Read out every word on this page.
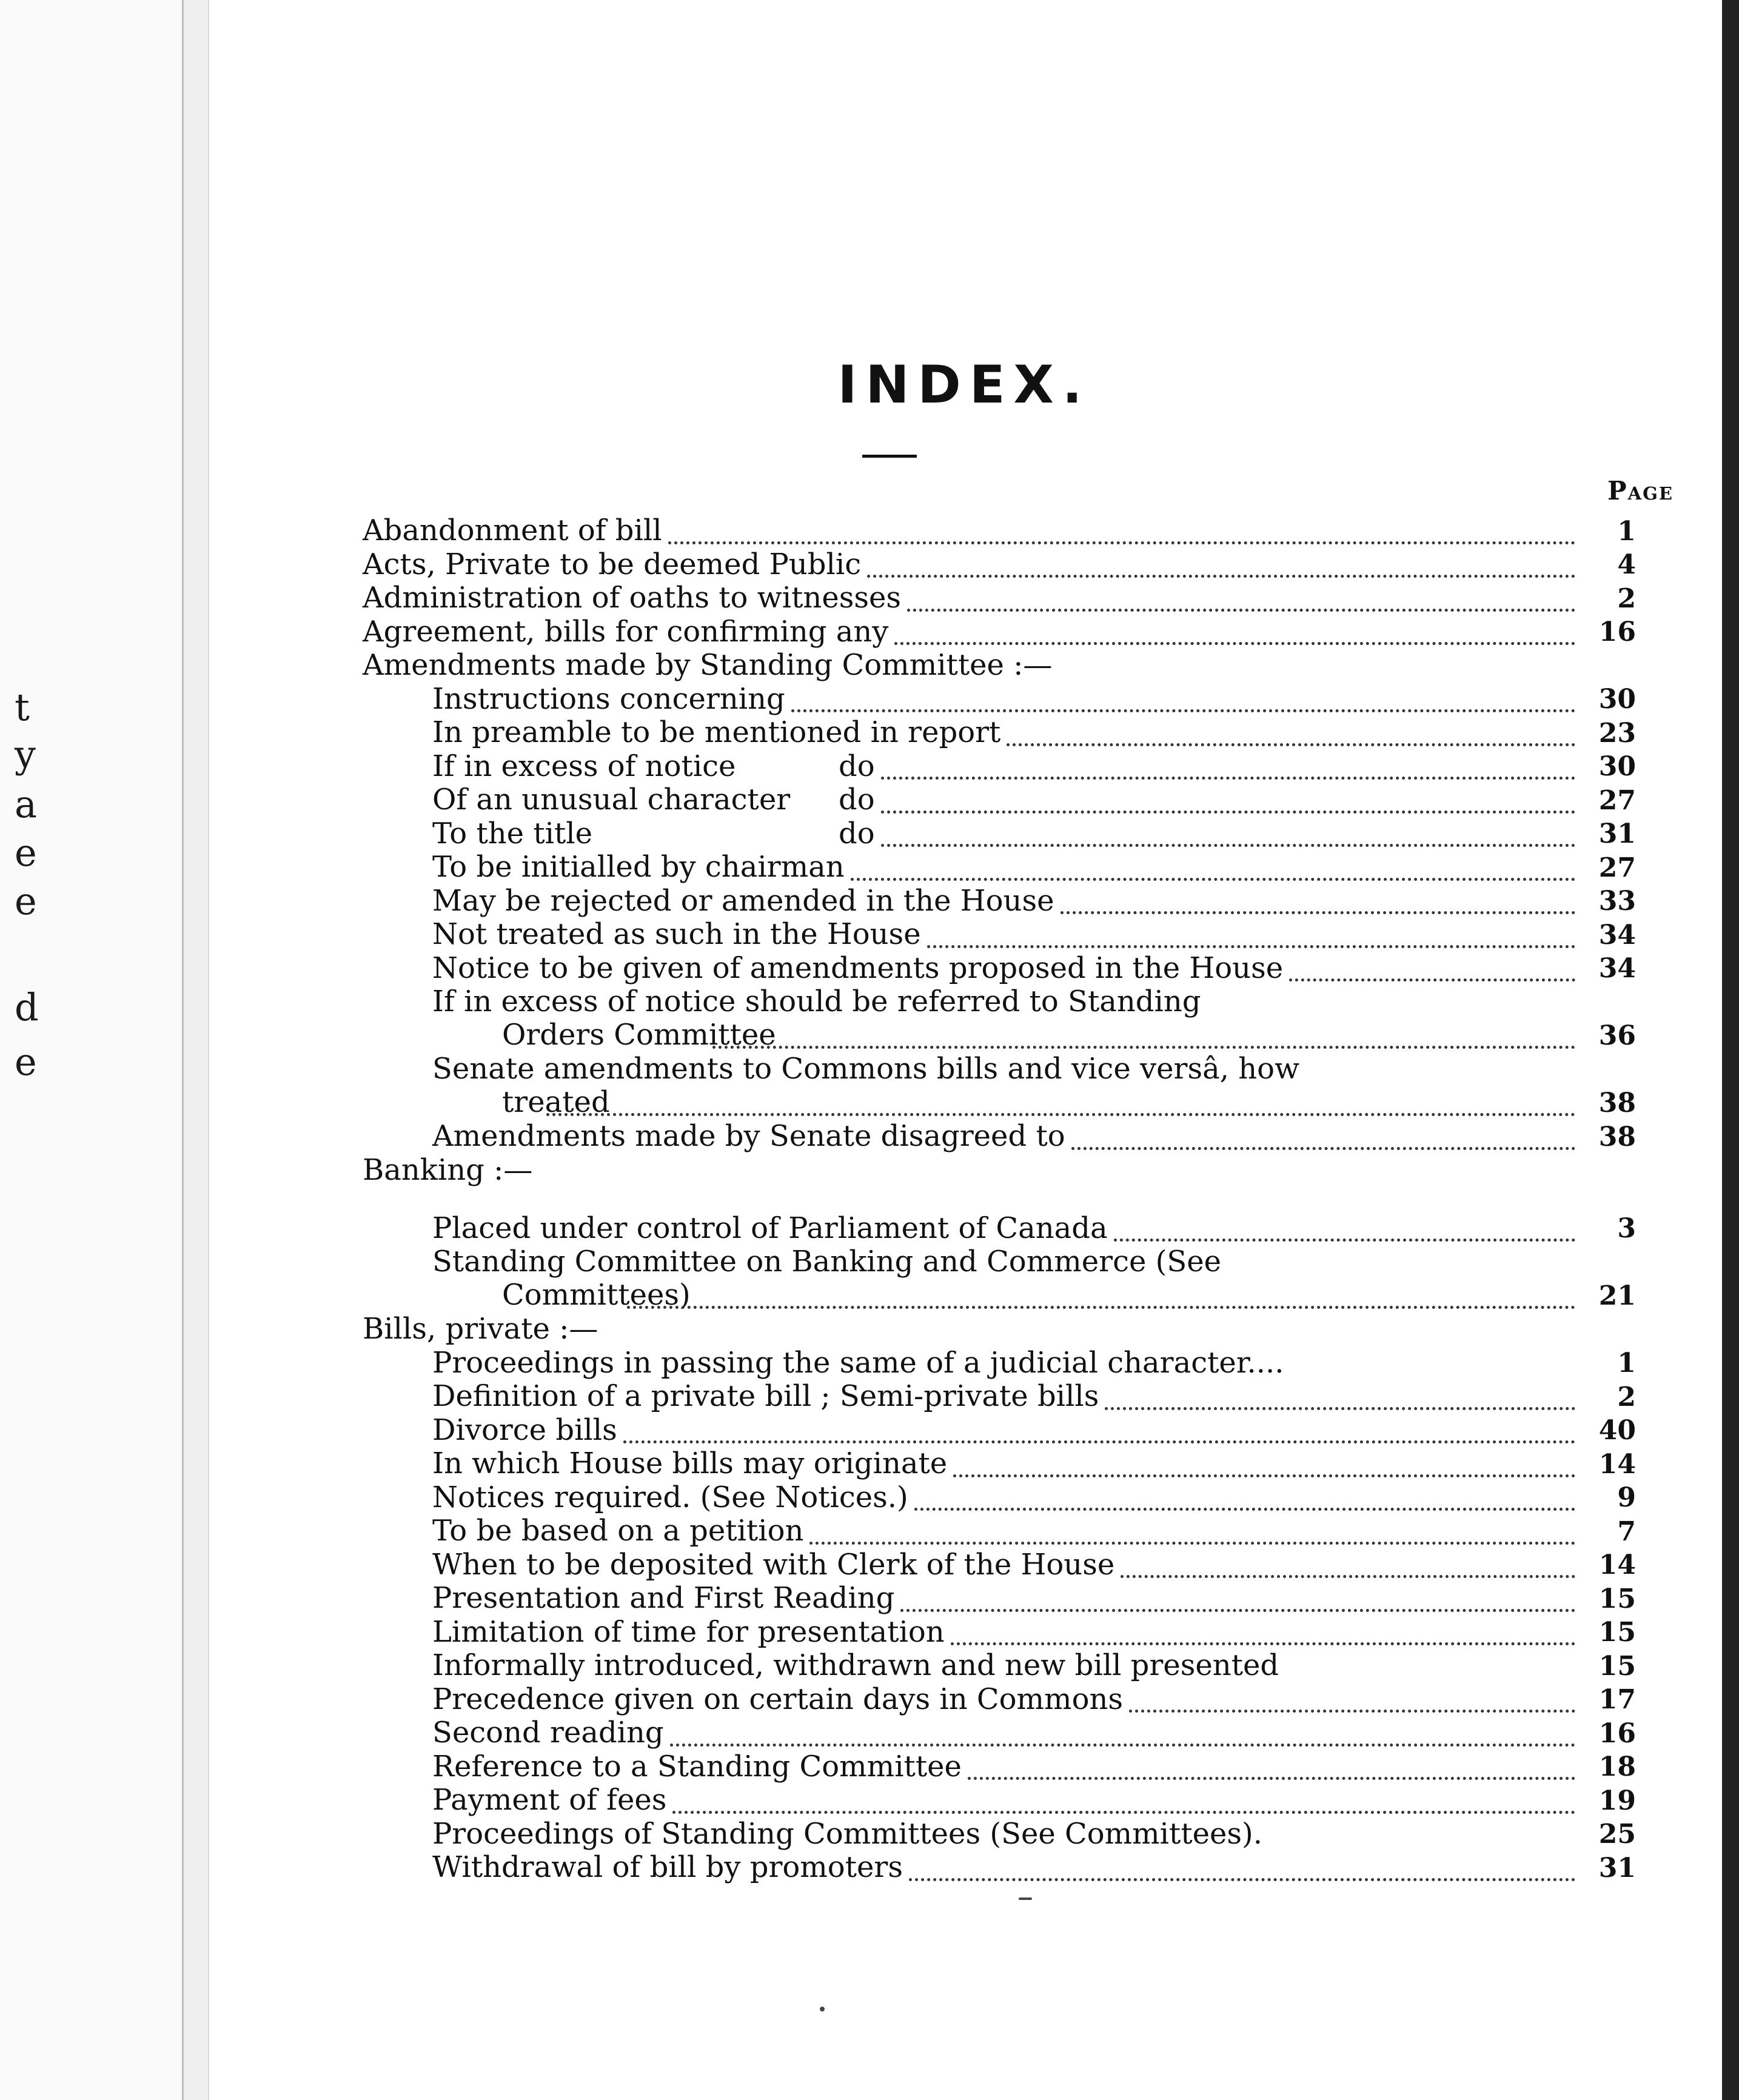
t
y
a
e
e
d
e
INDEX.
Page
Abandonment of bill	1
Acts, Private to be deemed Public	4
Administration of oaths to witnesses	2
Agreement, bills for confirming any	16
Amendments made by Standing Committee :—
Instructions concerning	30
In preamble to be mentioned in report	23
If in excess of notice	do	30
Of an unusual character do	27
To the title	do	31
To be initialled by chairman	27
May be rejected or amended in the House	33
Not treated as such in the House	34
Notice to be given of amendments proposed in the House	34
If in excess of notice should be referred to Standing
Orders Committee	36
Senate amendments to Commons bills and vice versâ, how
treated	38
Amendments made by Senate disagreed to	38
Banking :—
Placed under control of Parliament of Canada	3
Standing Committee on Banking and Commerce (See
Committees)	21
Bills, private :—
Proceedings in passing the same of a judicial character....	1
Definition of a private bill ; Semi-private bills	2
Divorce bills	40
In which House bills may originate	14
Notices required. (See Notices.)	9
To be based on a petition	7
When to be deposited with Clerk of the House	14
Presentation and First Reading	15
Limitation of time for presentation	15
Informally introduced, withdrawn and new bill presented	15
Precedence given on certain days in Commons	17
Second reading	16
Reference to a Standing Committee	18
Payment of fees	19
Proceedings of Standing Committees (See Committees).	25
Withdrawal of bill by promoters	31
